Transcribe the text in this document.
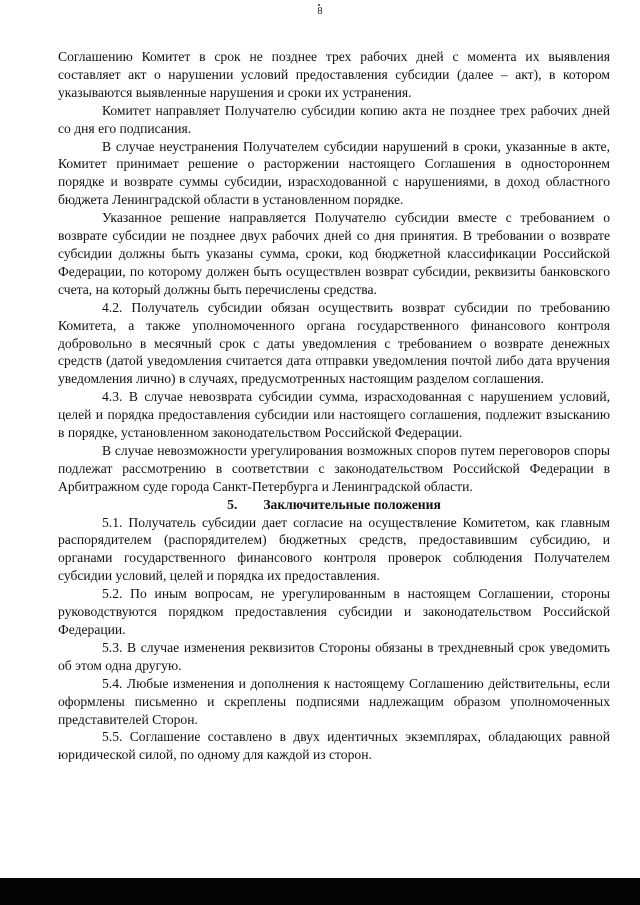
8

Соглашению Комитет в срок не позднее трех рабочих дней с момента их выявления составляет акт о нарушении условий предоставления субсидии (далее – акт), в котором указываются выявленные нарушения и сроки их устранения.

Комитет направляет Получателю субсидии копию акта не позднее трех рабочих дней со дня его подписания.

В случае неустранения Получателем субсидии нарушений в сроки, указанные в акте, Комитет принимает решение о расторжении настоящего Соглашения в одностороннем порядке и возврате суммы субсидии, израсходованной с нарушениями, в доход областного бюджета Ленинградской области в установленном порядке.

Указанное решение направляется Получателю субсидии вместе с требованием о возврате субсидии не позднее двух рабочих дней со дня принятия. В требовании о возврате субсидии должны быть указаны сумма, сроки, код бюджетной классификации Российской Федерации, по которому должен быть осуществлен возврат субсидии, реквизиты банковского счета, на который должны быть перечислены средства.

4.2. Получатель субсидии обязан осуществить возврат субсидии по требованию Комитета, а также уполномоченного органа государственного финансового контроля добровольно в месячный срок с даты уведомления с требованием о возврате денежных средств (датой уведомления считается дата отправки уведомления почтой либо дата вручения уведомления лично) в случаях, предусмотренных настоящим разделом соглашения.

4.3. В случае невозврата субсидии сумма, израсходованная с нарушением условий, целей и порядка предоставления субсидии или настоящего соглашения, подлежит взысканию в порядке, установленном законодательством Российской Федерации.

В случае невозможности урегулирования возможных споров путем переговоров споры подлежат рассмотрению в соответствии с законодательством Российской Федерации в Арбитражном суде города Санкт-Петербурга и Ленинградской области.

5. Заключительные положения

5.1. Получатель субсидии дает согласие на осуществление Комитетом, как главным распорядителем (распорядителем) бюджетных средств, предоставившим субсидию, и органами государственного финансового контроля проверок соблюдения Получателем субсидии условий, целей и порядка их предоставления.

5.2. По иным вопросам, не урегулированным в настоящем Соглашении, стороны руководствуются порядком предоставления субсидии и законодательством Российской Федерации.

5.3. В случае изменения реквизитов Стороны обязаны в трехдневный срок уведомить об этом одна другую.

5.4. Любые изменения и дополнения к настоящему Соглашению действительны, если оформлены письменно и скреплены подписями надлежащим образом уполномоченных представителей Сторон.

5.5. Соглашение составлено в двух идентичных экземплярах, обладающих равной юридической силой, по одному для каждой из сторон.
